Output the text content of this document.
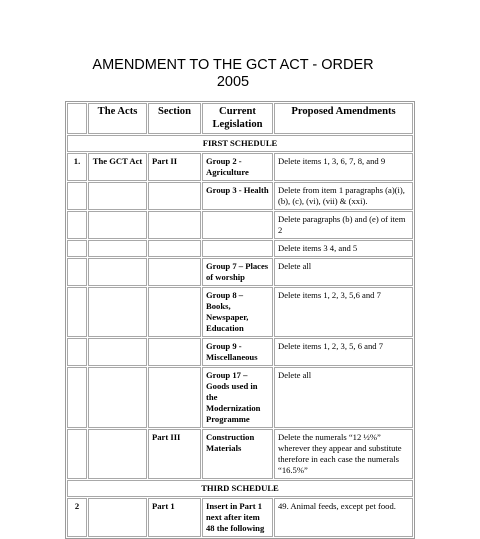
AMENDMENT TO THE GCT ACT - ORDER
2005
	The Acts	Section	Current Legislation	Proposed Amendments
FIRST SCHEDULE				
1.	The GCT Act	Part II	Group 2 - Agriculture	Delete items 1, 3, 6, 7, 8, and 9
			Group 3 - Health	Delete from item 1 paragraphs (a)(i), (b), (c), (vi), (vii) & (xxi).
				Delete paragraphs (b) and (e) of item 2
				Delete items 3 4, and 5
			Group 7 – Places of worship	Delete all
			Group 8 – Books, Newspaper, Education	Delete items 1, 2, 3, 5,6 and 7
			Group 9 - Miscellaneous	Delete items 1, 2, 3, 5, 6 and 7
			Group 17 – Goods used in the Modernization Programme	Delete all
		Part III	Construction Materials	Delete the numerals “12 ½%” wherever they appear and substitute therefore in each case the numerals “16.5%”
THIRD SCHEDULE				
2		Part 1	Insert in Part 1 next after item 48 the following	49. Animal feeds, except pet food.
